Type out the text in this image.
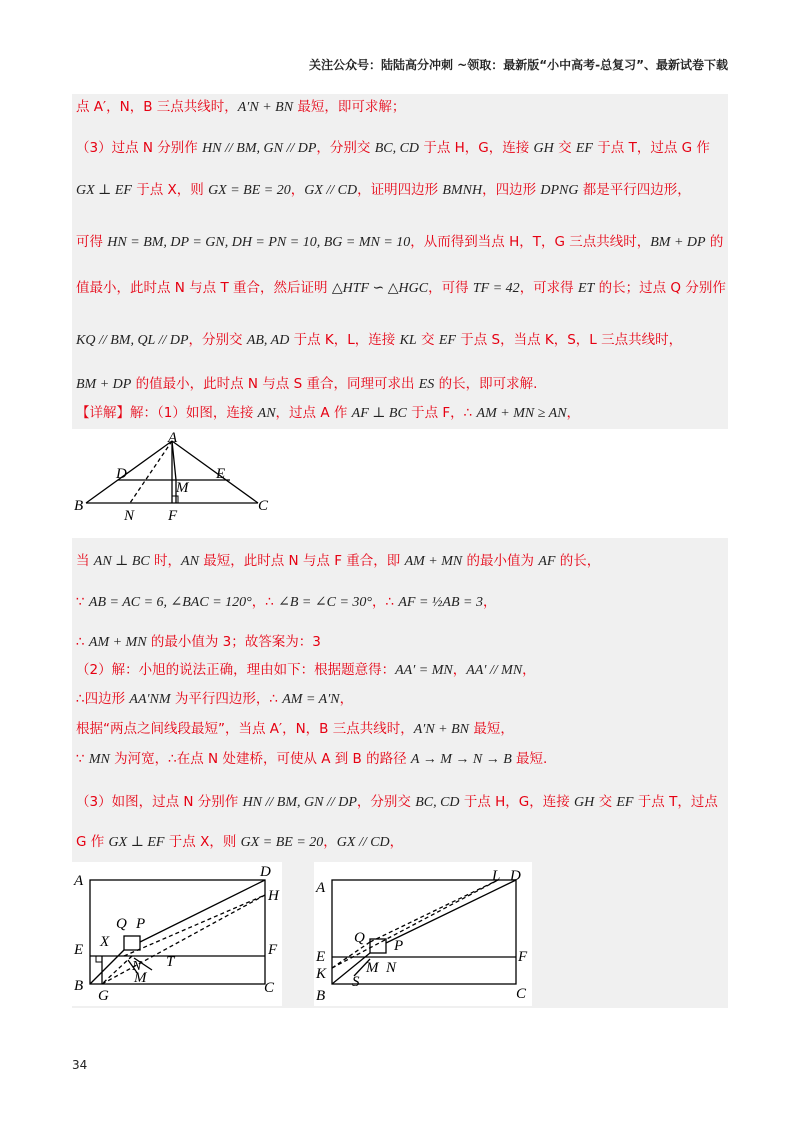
关注公众号：陆陆高分冲刺 ~领取：最新版“小中高考-总复习”、最新试卷下载
点 A′，N，B 三点共线时，A′N + BN 最短，即可求解；
（3）过点 N 分别作 HN // BM, GN // DP，分别交 BC, CD 于点 H，G，连接 GH 交 EF 于点 T，过点 G 作
GX ⊥ EF 于点 X，则 GX = BE = 20，GX // CD，证明四边形 BMNH，四边形 DPNG 都是平行四边形，
可得 HN = BM, DP = GN, DH = PN = 10, BG = MN = 10，从而得到当点 H，T，G 三点共线时，BM + DP 的
值最小，此时点 N 与点 T 重合，然后证明 △HTF ∽ △HGC，可得 TF = 42，可求得 ET 的长；过点 Q 分别作
KQ // BM, QL // DP，分别交 AB, AD 于点 K，L，连接 KL 交 EF 于点 S，当点 K，S，L 三点共线时，
BM + DP 的值最小，此时点 N 与点 S 重合，同理可求出 ES 的长，即可求解.
【详解】解：（1）如图，连接 AN，过点 A 作 AF ⊥ BC 于点 F，∴ AM + MN ≥ AN，
A
D	E
M
B	C
N F
当 AN ⊥ BC 时，AN 最短，此时点 N 与点 F 重合，即 AM + MN 的最小值为 AF 的长，
∵ AB = AC = 6, ∠BAC = 120°，∴ ∠B = ∠C = 30°，∴ AF = ½AB = 3，
∴ AM + MN 的最小值为 3；故答案为：3
（2）解：小旭的说法正确，理由如下：根据题意得：AA′ = MN，AA′ // MN，
∴四边形 AA′NM 为平行四边形，∴ AM = A′N，
根据“两点之间线段最短”，当点 A′，N，B 三点共线时，A′N + BN 最短，
∵ MN 为河宽，∴在点 N 处建桥，可使从 A 到 B 的路径 A → M → N → B 最短.
（3）如图，过点 N 分别作 HN // BM, GN // DP，分别交 BC, CD 于点 H，G，连接 GH 交 EF 于点 T，过点
G 作 GX ⊥ EF 于点 X，则 GX = BE = 20，GX // CD，
A
D
H
Q P
E X	F
N T
M
B
G	C
A
L D
Q P
E
M N
F
K S
B	C
34
